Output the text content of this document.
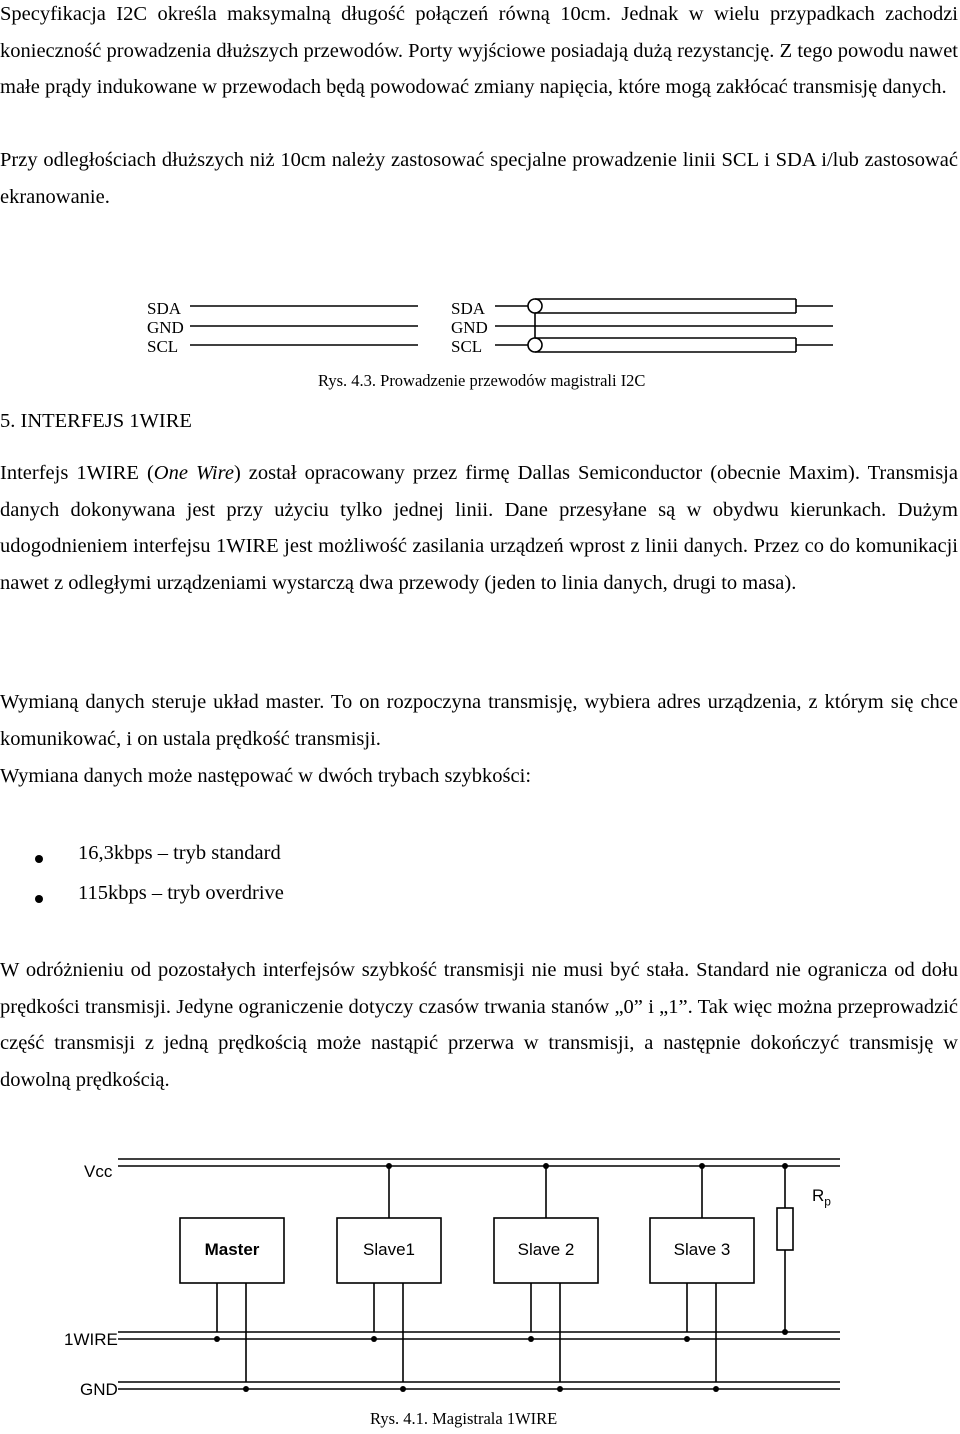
Specyfikacja I2C określa maksymalną długość połączeń równą 10cm. Jednak w wielu przypadkach zachodzi konieczność prowadzenia dłuższych przewodów. Porty wyjściowe posiadają dużą rezystancję. Z tego powodu nawet małe prądy indukowane w przewodach będą powodować zmiany napięcia, które mogą zakłócać transmisję danych.

Przy odległościach dłuższych niż 10cm należy zastosować specjalne prowadzenie linii SCL i SDA i/lub zastosować ekranowanie.

SDA
GND
SCL
SDA
GND
SCL
Rys. 4.3. Prowadzenie przewodów magistrali I2C
5. INTERFEJS 1WIRE

Interfejs 1WIRE (One Wire) został opracowany przez firmę Dallas Semiconductor (obecnie Maxim). Transmisja danych dokonywana jest przy użyciu tylko jednej linii. Dane przesyłane są w obydwu kierunkach. Dużym udogodnieniem interfejsu 1WIRE jest możliwość zasilania urządzeń wprost z linii danych. Przez co do komunikacji nawet z odległymi urządzeniami wystarczą dwa przewody (jeden to linia danych, drugi to masa).

Wymianą danych steruje układ master. To on rozpoczyna transmisję, wybiera adres urządzenia, z którym się chce komunikować, i on ustala prędkość transmisji.

Wymiana danych może następować w dwóch trybach szybkości:

16,3kbps – tryb standard
115kbps – tryb overdrive

W odróżnieniu od pozostałych interfejsów szybkość transmisji nie musi być stała. Standard nie ogranicza od dołu prędkości transmisji. Jedyne ograniczenie dotyczy czasów trwania stanów „0” i „1”. Tak więc można przeprowadzić część transmisji z jedną prędkością może nastąpić przerwa w transmisji, a następnie dokończyć transmisję w dowolną prędkością.

Vcc
$R_p$
Master	Slave1	Slave 2	Slave 3
1WIRE
GND
Rys. 4.1. Magistrala 1WIRE
